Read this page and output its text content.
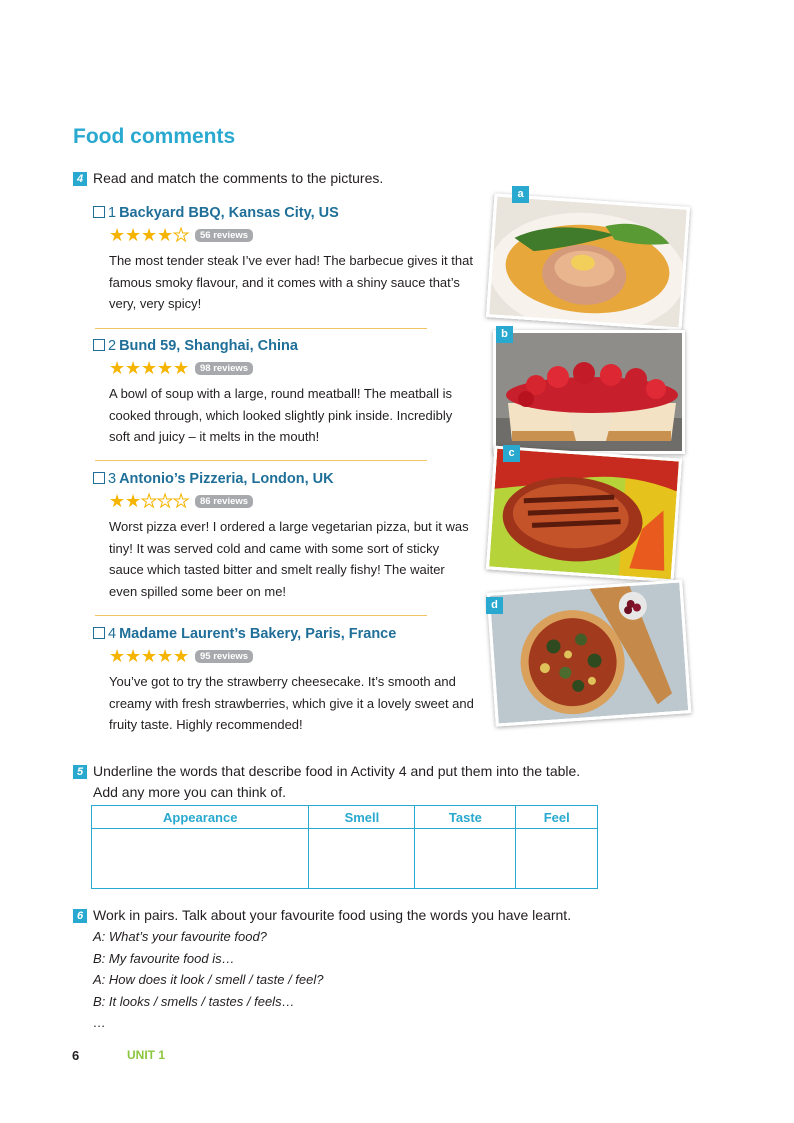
Food comments
4 Read and match the comments to the pictures.
1 Backyard BBQ, Kansas City, US
★ ★ ★ ★ ★	56 reviews
The most tender steak I’ve ever had! The barbecue gives it that famous smoky flavour, and it comes with a shiny sauce that’s very, very spicy!
2 Bund 59, Shanghai, China
★ ★ ★ ★ ★	98 reviews
A bowl of soup with a large, round meatball! The meatball is cooked through, which looked slightly pink inside. Incredibly soft and juicy – it melts in the mouth!
3 Antonio’s Pizzeria, London, UK
★ ★ ★ ★ ★	86 reviews
Worst pizza ever! I ordered a large vegetarian pizza, but it was tiny! It was served cold and came with some sort of sticky sauce which tasted bitter and smelt really fishy! The waiter even spilled some beer on me!
4 Madame Laurent’s Bakery, Paris, France
★ ★ ★ ★ ★	95 reviews
You’ve got to try the strawberry cheesecake. It’s smooth and creamy with fresh strawberries, which give it a lovely sweet and fruity taste. Highly recommended!
a
b
c
d
5 Underline the words that describe food in Activity 4 and put them into the table.
Add any more you can think of.
Appearance	Smell	Taste	Feel

6 Work in pairs. Talk about your favourite food using the words you have learnt.
A: What’s your favourite food?
B: My favourite food is…
A: How does it look / smell / taste / feel?
B: It looks / smells / tastes / feels…
…
6	UNIT 1
